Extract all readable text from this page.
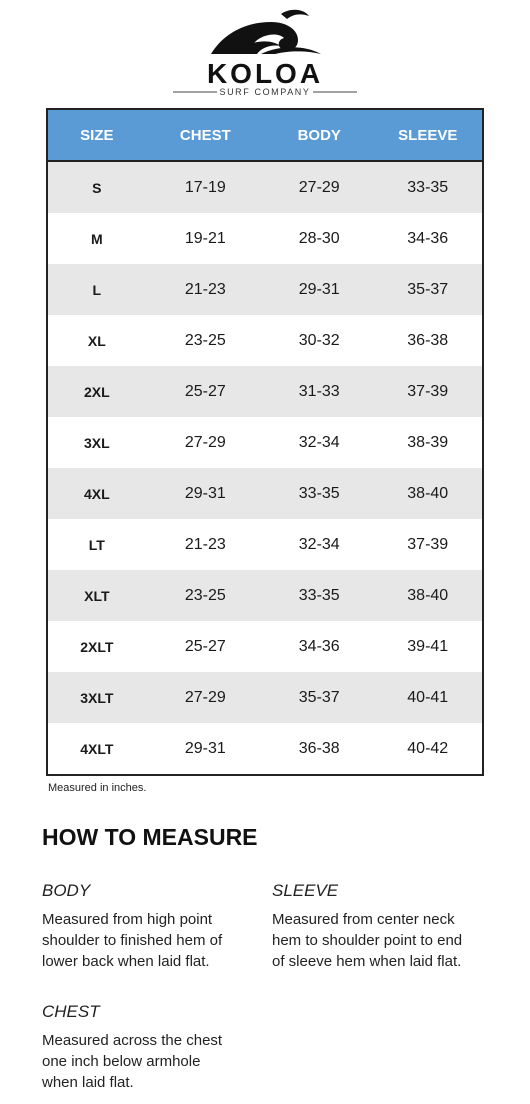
KOLOA
SURF COMPANY
SIZE	CHEST	BODY	SLEEVE
S	17-19	27-29	33-35
M	19-21	28-30	34-36
L	21-23	29-31	35-37
XL	23-25	30-32	36-38
2XL	25-27	31-33	37-39
3XL	27-29	32-34	38-39
4XL	29-31	33-35	38-40
LT	21-23	32-34	37-39
XLT	23-25	33-35	38-40
2XLT	25-27	34-36	39-41
3XLT	27-29	35-37	40-41
4XLT	29-31	36-38	40-42
Measured in inches.
HOW TO MEASURE

BODY

Measured from high point
shoulder to finished hem of
lower back when laid flat.

SLEEVE

Measured from center neck
hem to shoulder point to end
of sleeve hem when laid flat.

CHEST

Measured across the chest
one inch below armhole
when laid flat.
